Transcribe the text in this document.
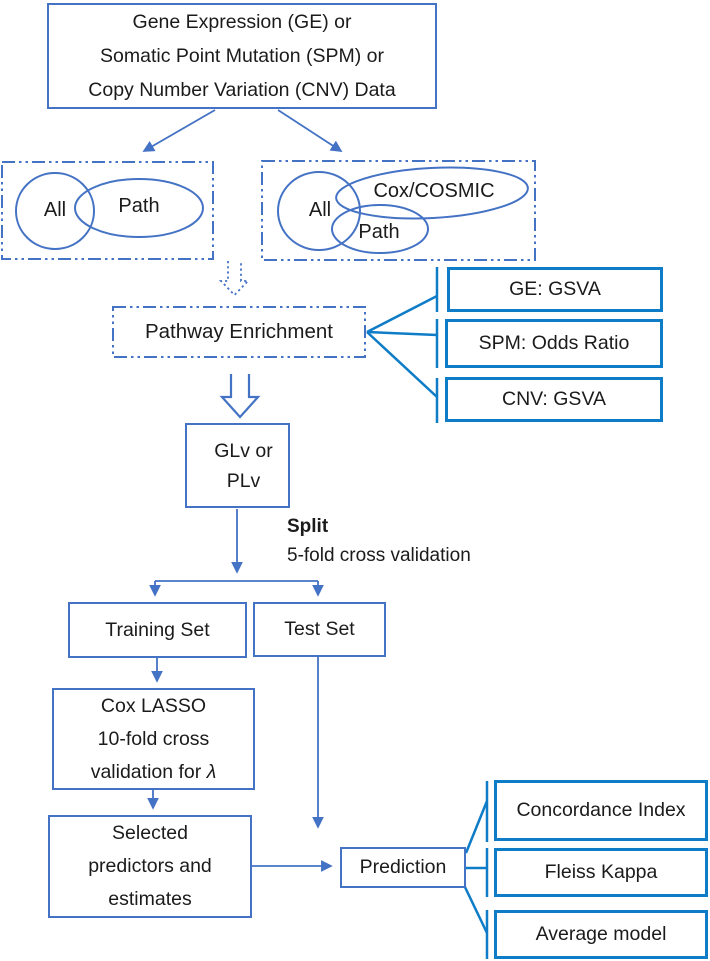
Gene Expression (GE) or
Somatic Point Mutation (SPM) or
Copy Number Variation (CNV) Data
All	Path	All
Cox/COSMIC
Path
Pathway Enrichment
GE: GSVA
SPM: Odds Ratio
CNV: GSVA
GLv or
PLv
Split
5-fold cross validation
Training Set	Test Set
Cox LASSO
10-fold cross
validation for λ
Selected
predictors and
estimates
Prediction
Concordance Index
Fleiss Kappa
Average model
